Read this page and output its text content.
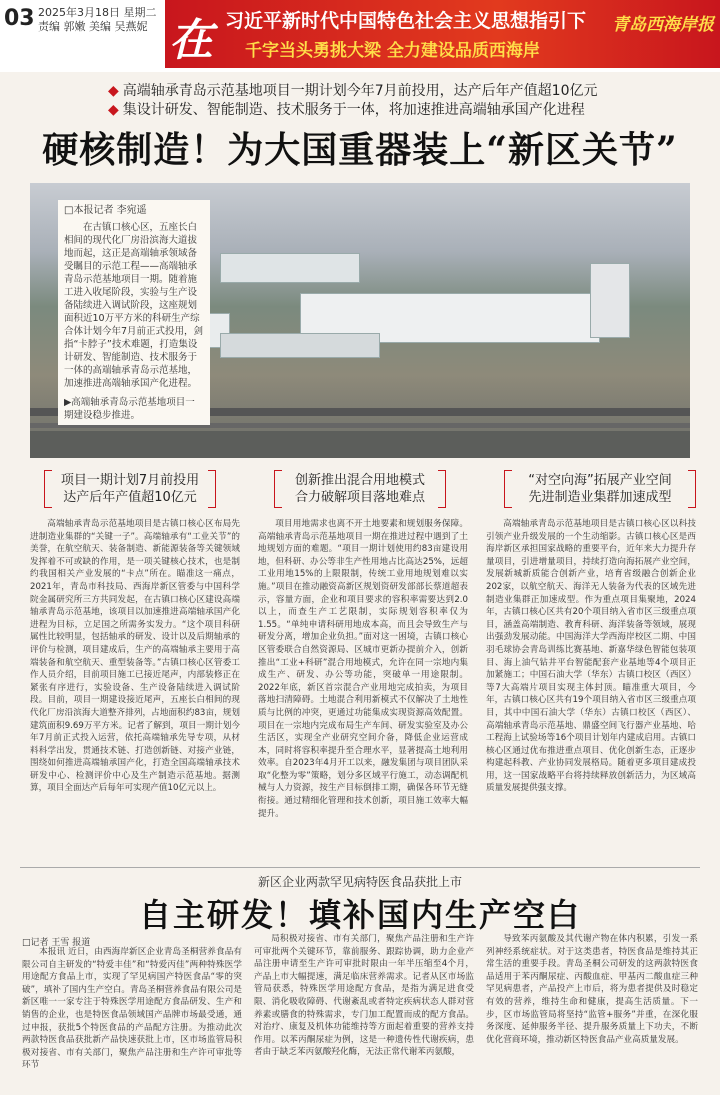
03 2025年3月18日 星期二
责编 郭嫩 美编 吴燕妮 在 习近平新时代中国特色社会主义思想指引下
千字当头勇挑大梁 全力建设品质西海岸
青岛西海岸报
◆ 高端轴承青岛示范基地项目一期计划今年7月前投用，达产后年产值超10亿元
◆ 集设计研发、智能制造、技术服务于一体，将加速推进高端轴承国产化进程
硬核制造！为大国重器装上“新区关节”
□本报记者 李宛遥
在古镇口核心区，五座长白相间的现代化厂房沿滨海大道拔地而起，这正是高端轴承领域备受瞩目的示范工程——高端轴承青岛示范基地项目一期。随着施工进入收尾阶段，实验与生产设备陆续进入调试阶段，这座规划面积近10万平方米的科研生产综合体计划今年7月前正式投用，剑指“卡脖子”技术难题，打造集设计研发、智能制造、技术服务于一体的高端轴承青岛示范基地，加速推进高端轴承国产化进程。
▶高端轴承青岛示范基地项目一期建设稳步推进。
项目一期计划7月前投用
达产后年产值超10亿元
创新推出混合用地模式
合力破解项目落地难点
“对空向海”拓展产业空间
先进制造业集群加速成型
高端轴承青岛示范基地项目是古镇口核心区布局先进制造业集群的“关键一子”。高端轴承有“工业关节”的美誉，在航空航天、装备制造、新能源装备等关键领域发挥着不可或缺的作用，是一项关键核心技术，也是制约我国相关产业发展的“卡点”所在。瞄准这一痛点，2021年，青岛市科技局、西海岸新区管委与中国科学院金属研究所三方共同发起，在古镇口核心区建设高端轴承青岛示范基地，该项目以加速推进高端轴承国产化进程为目标，立足国之所需务实发力。“这个项目科研属性比较明显，包括轴承的研发、设计以及后期轴承的评价与检测，项目建成后，生产的高端轴承主要用于高端装备和航空航天、重型装备等。”古镇口核心区管委工作人员介绍，目前项目施工已接近尾声，内部装修正在紧张有序进行，实验设备、生产设备陆续进入调试阶段。目前，项目一期建设接近尾声，五座长白相间的现代化厂房沿滨海大道整齐排列，占地面积约83亩，规划建筑面积9.69万平方米。记者了解到，项目一期计划今年7月前正式投入运营，依托高端轴承先导专项，从材料科学出发，贯通技术链、打造创新链、对接产业链，围绕如何推进高端轴承国产化，打造全国高端轴承技术研发中心、检测评价中心及生产制造示范基地。据测算，项目全面达产后每年可实现产值10亿元以上。
项目用地需求也离不开土地要素和规划服务保障。高端轴承青岛示范基地项目一期在推进过程中遇到了土地规划方面的难题。“项目一期计划使用约83亩建设用地，但科研、办公等非生产性用地占比高达25%，远超工业用地15%的上限限制，传统工业用地规划难以实施。”项目在推动融资高新区规划资研发部部长蔡道超表示，容量方面，企业和项目要求的容积率需要达到2.0以上，而查生产工艺限制，实际规划容积率仅为1.55。“单纯申请科研用地成本高，而且会导致生产与研发分离，增加企业负担。”面对这一困境，古镇口核心区管委联合自然资源局、区城市更新办提前介入，创新推出“工业+科研”混合用地模式，允许在同一宗地内集成生产、研发、办公等功能，突破单一用途限制。2022年底，新区首宗混合产业用地完成拍卖，为项目落地扫清障碍。土地混合利用新模式不仅解决了土地性质与比例的冲突，更通过功能集成实现资源高效配置。项目在一宗地内完成布局生产车间、研发实验室及办公生活区，实现全产业研究空间介备，降低企业运营成本，同时将容积率提升至合理水平，显著提高土地利用效率。自2023年4月开工以来，融发集团与项目团队采取“化整为零”策略，划分多区域平行施工，动态调配机械与人力资源，按生产目标倒排工期，确保各环节无缝衔接。通过精细化管理和技术创新，项目施工效率大幅提升。
高端轴承青岛示范基地项目是古镇口核心区以科技引领产业升级发展的一个生动缩影。古镇口核心区是西海岸新区承担国家战略的重要平台，近年来大力提升存量项目，引进增量项目，持续打造向海拓展产业空间，发展新城新质能合创新产业，培育省级融合创新企业202家，以航空航天、海洋无人装备为代表的区域先进制造业集群正加速成型。作为重点项目集聚地，2024年，古镇口核心区共有20个项目纳入省市区三级重点项目，涵盖高端制造、教育科研、海洋装备等领域，展现出强劲发展动能。中国海洋大学西海岸校区二期、中国羽毛球协会青岛训练比赛基地、新嘉华绿色智能包装项目、海上油气钻井平台智能配套产业基地等4个项目正加紧施工；中国石油大学（华东）古镇口校区（西区）等7大高端片项目实现主体封顶。瞄准重大项目，今年，古镇口核心区共有19个项目纳入省市区三级重点项目，其中中国石油大学（华东）古镇口校区（西区）、高端轴承青岛示范基地、鼎盛空间飞行器产业基地、哈工程海上试验场等16个项目计划年内建成启用。古镇口核心区通过优布推进重点项目、优化创新生态，正逐步构建起科教、产业协同发展格局。随着更多项目建成投用，这一国家战略平台将持续释放创新活力，为区域高质量发展提供强支撑。
新区企业两款罕见病特医食品获批上市
自主研发！填补国内生产空白
□记者 王雪 报道
本报讯 近日，由西海岸新区企业青岛圣桐营养食品有限公司自主研发的“特爱丰佳”和“特爱丙佳”两种特殊医学用途配方食品上市，实现了罕见病国产特医食品“零的突破”，填补了国内生产空白。青岛圣桐营养食品有限公司是新区唯一一家专注于特殊医学用途配方食品研发、生产和销售的企业，也是特医食品领域国产品牌市场最受通，通过申报，获批5个特医食品的产品配方注册。为推动此次两款特医食品获批新产品快速获批上市，区市场监管局积极对接省、市有关部门，聚焦产品注册和生产许可审批等环节
局积极对接省、市有关部门，聚焦产品注册和生产许可审批两个关键环节，靠前服务、跟踪协调，助力企业产品注册申请至生产许可审批时限由一年半压缩至4个月，产品上市大幅提速，满足临床营养需求。记者从区市场监管局获悉，特殊医学用途配方食品，是指为满足进食受限、消化吸收障碍、代谢紊乱或者特定疾病状态人群对营养素或膳食的特殊需求，专门加工配置而成的配方食品。对治疗、康复及机体功能维持等方面起着重要的营养支持作用。以苯丙酮尿症为例，这是一种遗传性代谢疾病，患者由于缺乏苯丙氨酸羟化酶，无法正常代谢苯丙氨酸，
导致苯丙氨酸及其代谢产物在体内积累，引发一系列神经系统症状。对于这类患者，特医食品是维持其正常生活的重要手段。青岛圣桐公司研发的这两款特医食品适用于苯丙酮尿症、丙酸血症、甲基丙二酸血症三种罕见病患者，产品投产上市后，将为患者提供及时稳定有效的营养，维持生命和健康，提高生活质量。下一步，区市场监管局将坚持“监管+服务”并重，在深化服务深度、延伸服务半径、提升服务质量上下功夫，不断优化营商环境，推动新区特医食品产业高质量发展。
